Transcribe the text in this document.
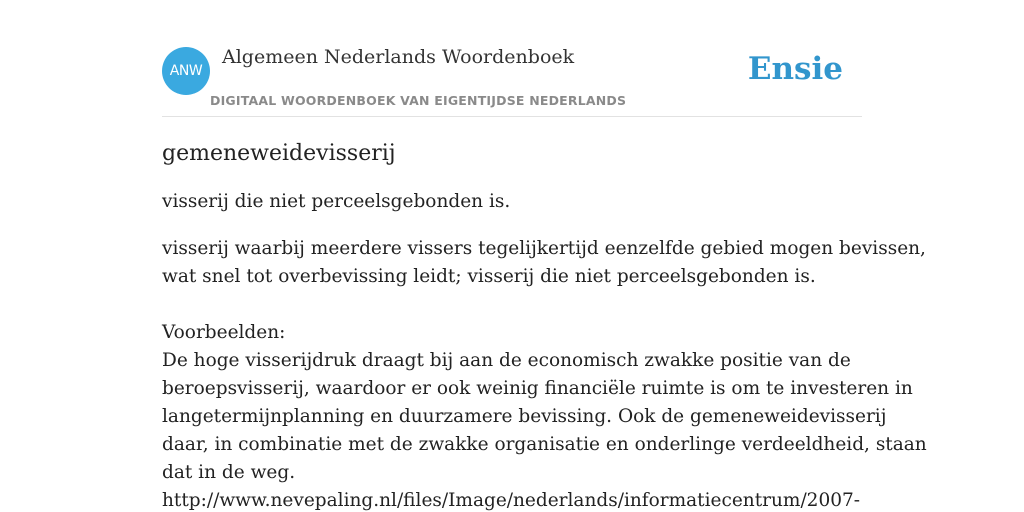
ANW
Algemeen Nederlands Woordenboek
DIGITAAL WOORDENBOEK VAN EIGENTIJDSE NEDERLANDS
Ensie
gemeneweidevisserij

visserij die niet perceelsgebonden is.

visserij waarbij meerdere vissers tegelijkertijd eenzelfde gebied mogen bevissen,
wat snel tot overbevissing leidt; visserij die niet perceelsgebonden is.

Voorbeelden:

De hoge visserijdruk draagt bij aan de economisch zwakke positie van de
beroepsvisserij, waardoor er ook weinig financiële ruimte is om te investeren in
langetermijnplanning en duurzamere bevissing. Ook de gemeneweidevisserij
daar, in combinatie met de zwakke organisatie en onderlinge verdeeldheid, staan
dat in de weg.

http://www.nevepaling.nl/files/Image/nederlands/informatiecentrum/2007-
